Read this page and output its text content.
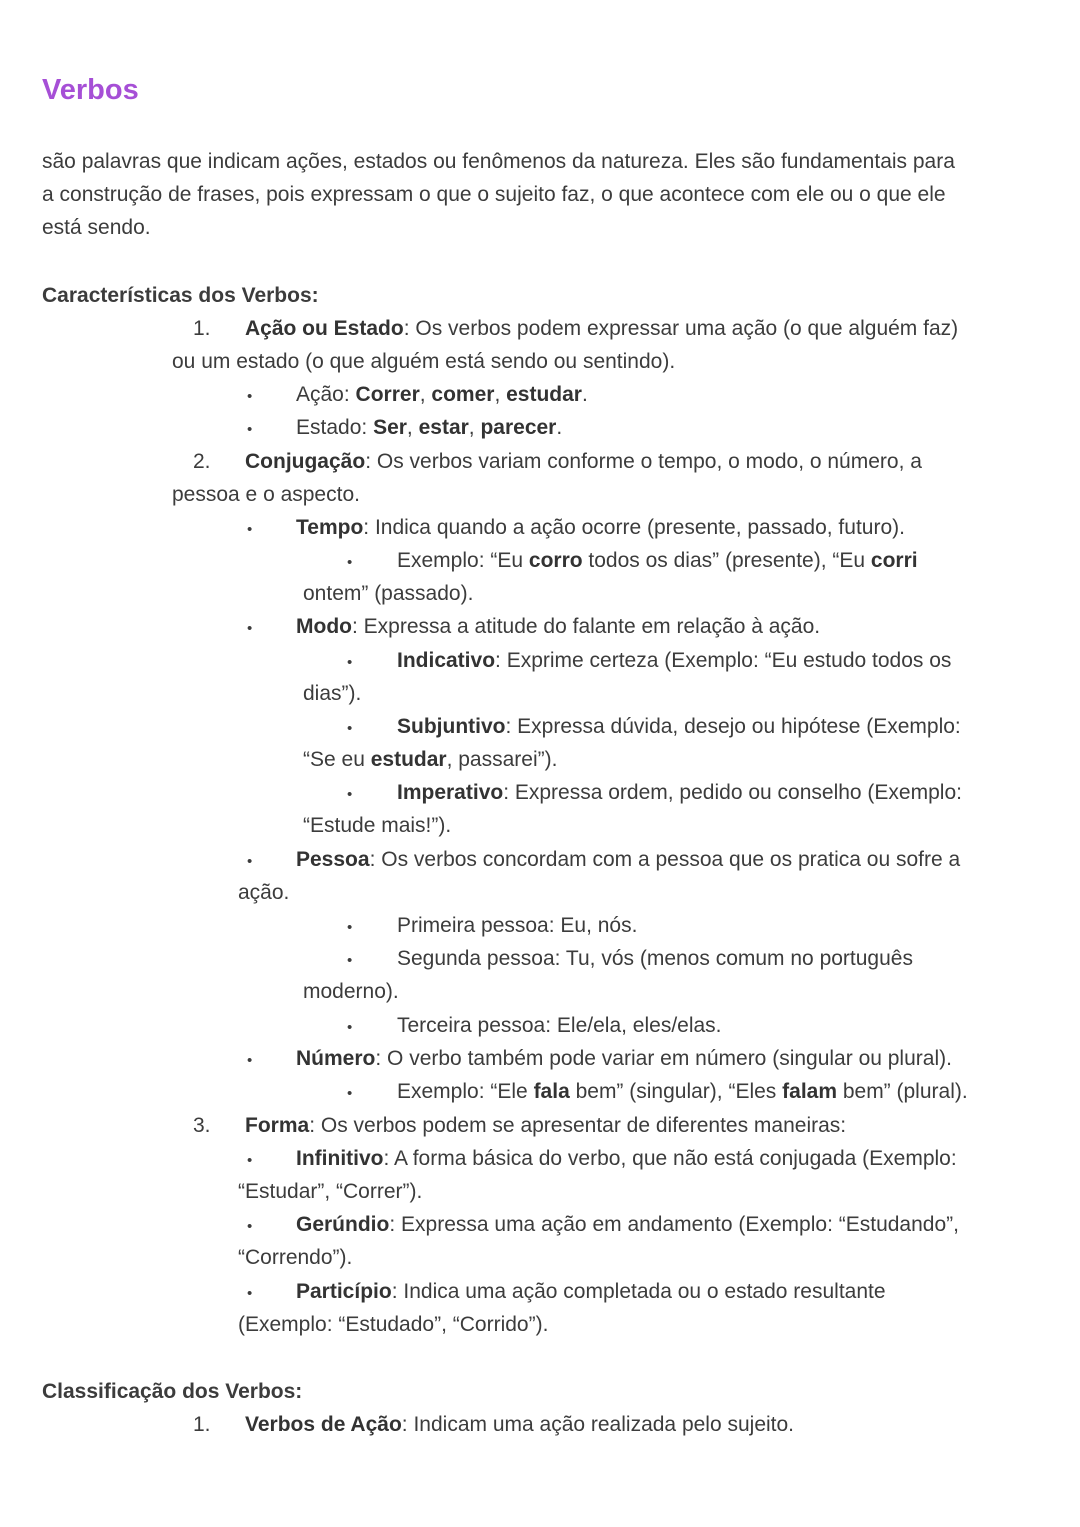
Verbos
são palavras que indicam ações, estados ou fenômenos da natureza. Eles são fundamentais para
a construção de frases, pois expressam o que o sujeito faz, o que acontece com ele ou o que ele
está sendo.
Características dos Verbos:
1. Ação ou Estado: Os verbos podem expressar uma ação (o que alguém faz)
ou um estado (o que alguém está sendo ou sentindo).
• Ação: Correr, comer, estudar.
• Estado: Ser, estar, parecer.
2. Conjugação: Os verbos variam conforme o tempo, o modo, o número, a
pessoa e o aspecto.
• Tempo: Indica quando a ação ocorre (presente, passado, futuro).
• Exemplo: “Eu corro todos os dias” (presente), “Eu corri
ontem” (passado).
• Modo: Expressa a atitude do falante em relação à ação.
• Indicativo: Exprime certeza (Exemplo: “Eu estudo todos os
dias”).
• Subjuntivo: Expressa dúvida, desejo ou hipótese (Exemplo:
“Se eu estudar, passarei”).
• Imperativo: Expressa ordem, pedido ou conselho (Exemplo:
“Estude mais!”).
• Pessoa: Os verbos concordam com a pessoa que os pratica ou sofre a
ação.
• Primeira pessoa: Eu, nós.
• Segunda pessoa: Tu, vós (menos comum no português
moderno).
• Terceira pessoa: Ele/ela, eles/elas.
• Número: O verbo também pode variar em número (singular ou plural).
• Exemplo: “Ele fala bem” (singular), “Eles falam bem” (plural).
3. Forma: Os verbos podem se apresentar de diferentes maneiras:
• Infinitivo: A forma básica do verbo, que não está conjugada (Exemplo:
“Estudar”, “Correr”).
• Gerúndio: Expressa uma ação em andamento (Exemplo: “Estudando”,
“Correndo”).
• Particípio: Indica uma ação completada ou o estado resultante
(Exemplo: “Estudado”, “Corrido”).
Classificação dos Verbos:
1. Verbos de Ação: Indicam uma ação realizada pelo sujeito.
